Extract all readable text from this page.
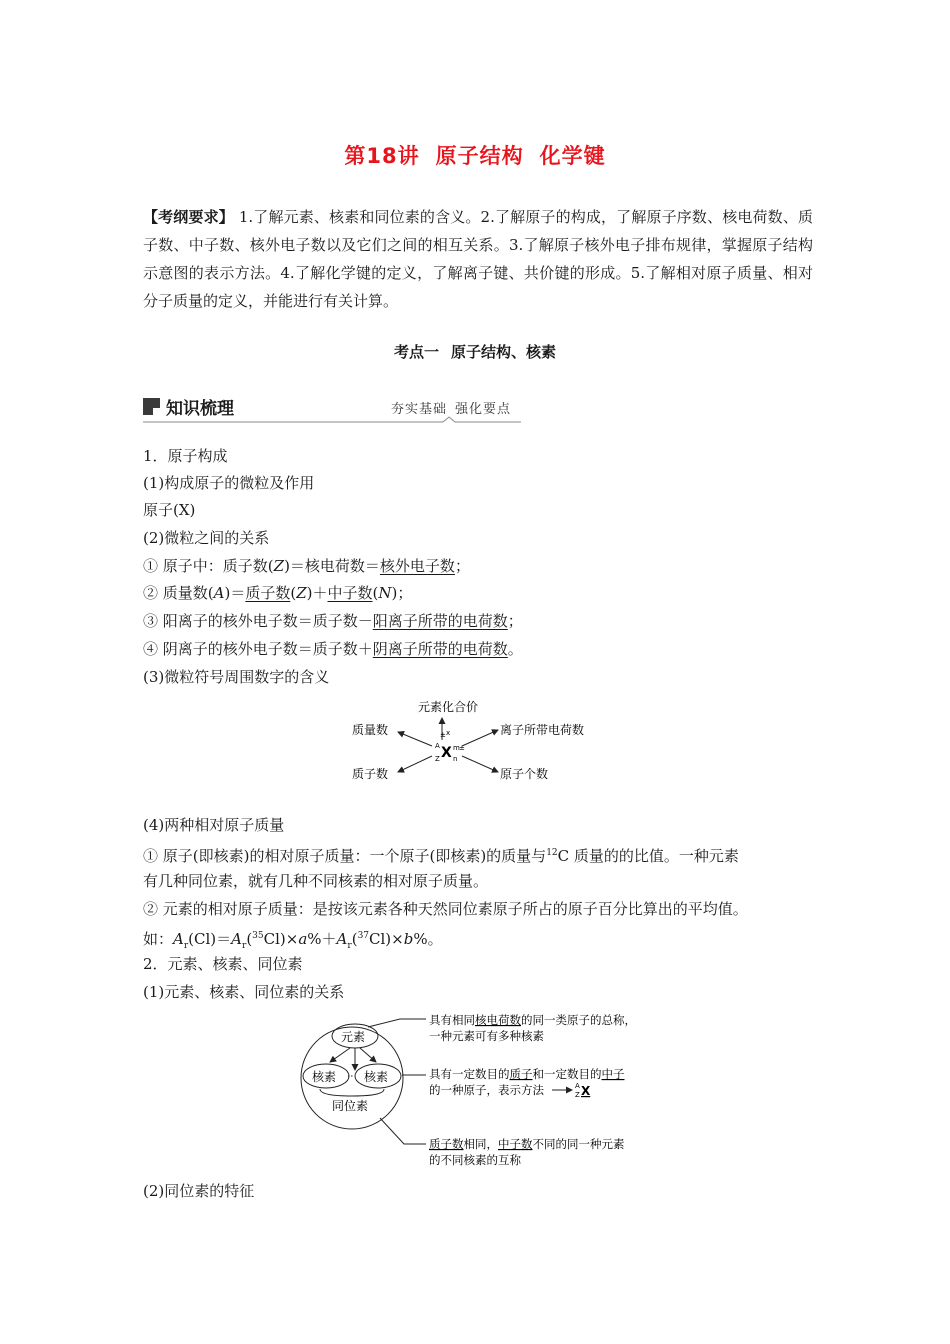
第18讲 原子结构 化学键
【考纲要求】 1.了解元素、核素和同位素的含义。2.了解原子的构成，了解原子序数、核电荷数、质子数、中子数、核外电子数以及它们之间的相互关系。3.了解原子核外电子排布规律，掌握原子结构示意图的表示方法。4.了解化学键的定义，了解离子键、共价键的形成。5.了解相对原子质量、相对分子质量的定义，并能进行有关计算。
考点一 原子结构、核素
知识梳理	夯实基础 强化要点
1．原子构成
(1)构成原子的微粒及作用
原子(X)
(2)微粒之间的关系
① 原子中：质子数(Z)＝核电荷数＝核外电子数；
② 质量数(A)＝质子数(Z)＋中子数(N)；
③ 阳离子的核外电子数＝质子数－阳离子所带的电荷数；
④ 阴离子的核外电子数＝质子数＋阴离子所带的电荷数。
(3)微粒符号周围数字的含义
元素化合价
质量数
质子数
离子所带电荷数
原子个数
A
Z
± x
X m ±
n
(4)两种相对原子质量
① 原子(即核素)的相对原子质量：一个原子(即核素)的质量与$^{12}$C 质量的的比值。一种元素
有几种同位素，就有几种不同核素的相对原子质量。
② 元素的相对原子质量：是按该元素各种天然同位素原子所占的原子百分比算出的平均值。
如：$A_r(Cl)=A_r(^{35}Cl)\times a\%+A_r(^{37}Cl)\times b\%$。
2．元素、核素、同位素
(1)元素、核素、同位素的关系
元素
核素 核素
同位素
具有相同核电荷数的同一类原子的总称，
一种元素可有多种核素
具有一定数目的质子和一定数目的中子
的一种原子，表示方法	A
Z X
质子数相同，中子数不同的同一种元素
的不同核素的互称
(2)同位素的特征
